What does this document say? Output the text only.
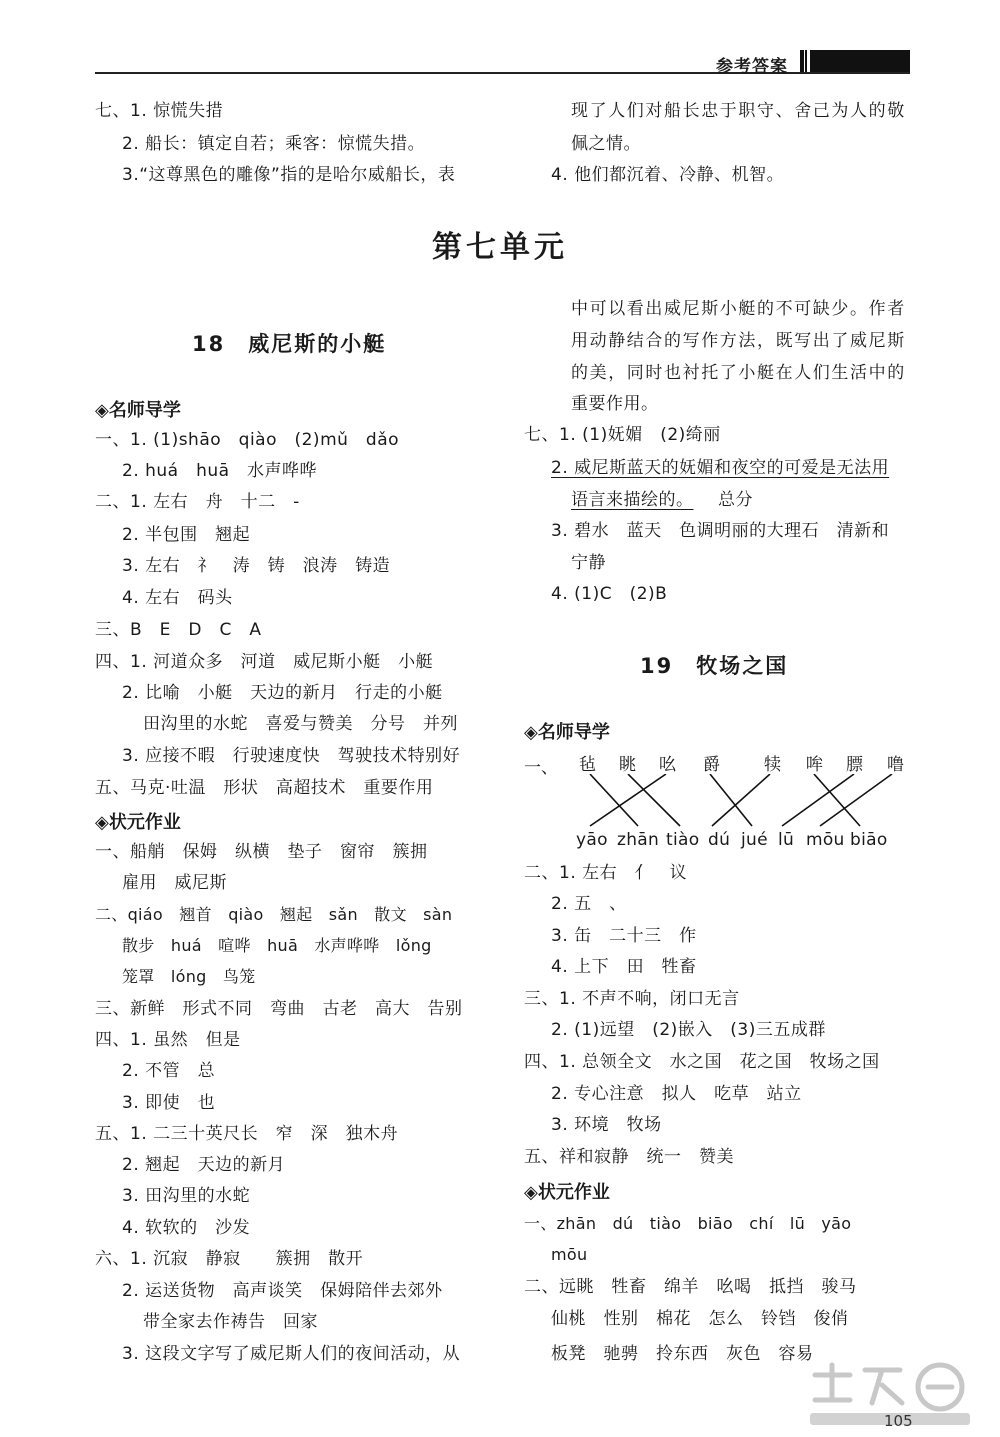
参考答案
七、1. 惊慌失措
2. 船长：镇定自若；乘客：惊慌失措。
3.“这尊黑色的雕像”指的是哈尔威船长，表
现了人们对船长忠于职守、舍己为人的敬
佩之情。
4. 他们都沉着、冷静、机智。
第七单元
18　威尼斯的小艇
◈名师导学
一、1. (1)shāo　qiào　(2)mǔ　dǎo
2. huá　huā　水声哗哗
二、1. 左右　舟　十二　-
2. 半包围　翘起
3. 左右　礻　涛　铸　浪涛　铸造
4. 左右　码头
三、B　E　D　C　A
四、1. 河道众多　河道　威尼斯小艇　小艇
2. 比喻　小艇　天边的新月　行走的小艇
田沟里的水蛇　喜爱与赞美　分号　并列
3. 应接不暇　行驶速度快　驾驶技术特别好
五、马克·吐温　形状　高超技术　重要作用
◈状元作业
一、船艄　保姆　纵横　垫子　窗帘　簇拥
雇用　威尼斯
二、qiáo　翘首　qiào　翘起　sǎn　散文　sàn
散步　huá　喧哗　huā　水声哗哗　lǒng
笼罩　lóng　鸟笼
三、新鲜　形式不同　弯曲　古老　高大　告别
四、1. 虽然　但是
2. 不管　总
3. 即使　也
五、1. 二三十英尺长　窄　深　独木舟
2. 翘起　天边的新月
3. 田沟里的水蛇
4. 软软的　沙发
六、1. 沉寂　静寂　　簇拥　散开
2. 运送货物　高声谈笑　保姆陪伴去郊外
带全家去作祷告　回家
3. 这段文字写了威尼斯人们的夜间活动，从
中可以看出威尼斯小艇的不可缺少。作者
用动静结合的写作方法，既写出了威尼斯
的美，同时也衬托了小艇在人们生活中的
重要作用。
七、1. (1)妩媚　(2)绮丽
2. 威尼斯蓝天的妩媚和夜空的可爱是无法用
语言来描绘的。 总分
3. 碧水　蓝天　色调明丽的大理石　清新和
宁静
4. (1)C　(2)B
19　牧场之国
◈名师导学
一、 毡 眺 吆 爵	犊 哞 膘 噜
yāo zhān tiào dú jué lū mōu biāo
二、1. 左右　亻　议
2. 五　、
3. 缶　二十三　作
4. 上下　田　牲畜
三、1. 不声不响，闭口无言
2. (1)远望　(2)嵌入　(3)三五成群
四、1. 总领全文　水之国　花之国　牧场之国
2. 专心注意　拟人　吃草　站立
3. 环境　牧场
五、祥和寂静　统一　赞美
◈状元作业
一、zhān　dú　tiào　biāo　chí　lū　yāo
mōu
二、远眺　牲畜　绵羊　吆喝　抵挡　骏马
仙桃　性别　棉花　怎么　铃铛　俊俏
板凳　驰骋　拎东西　灰色　容易
105
